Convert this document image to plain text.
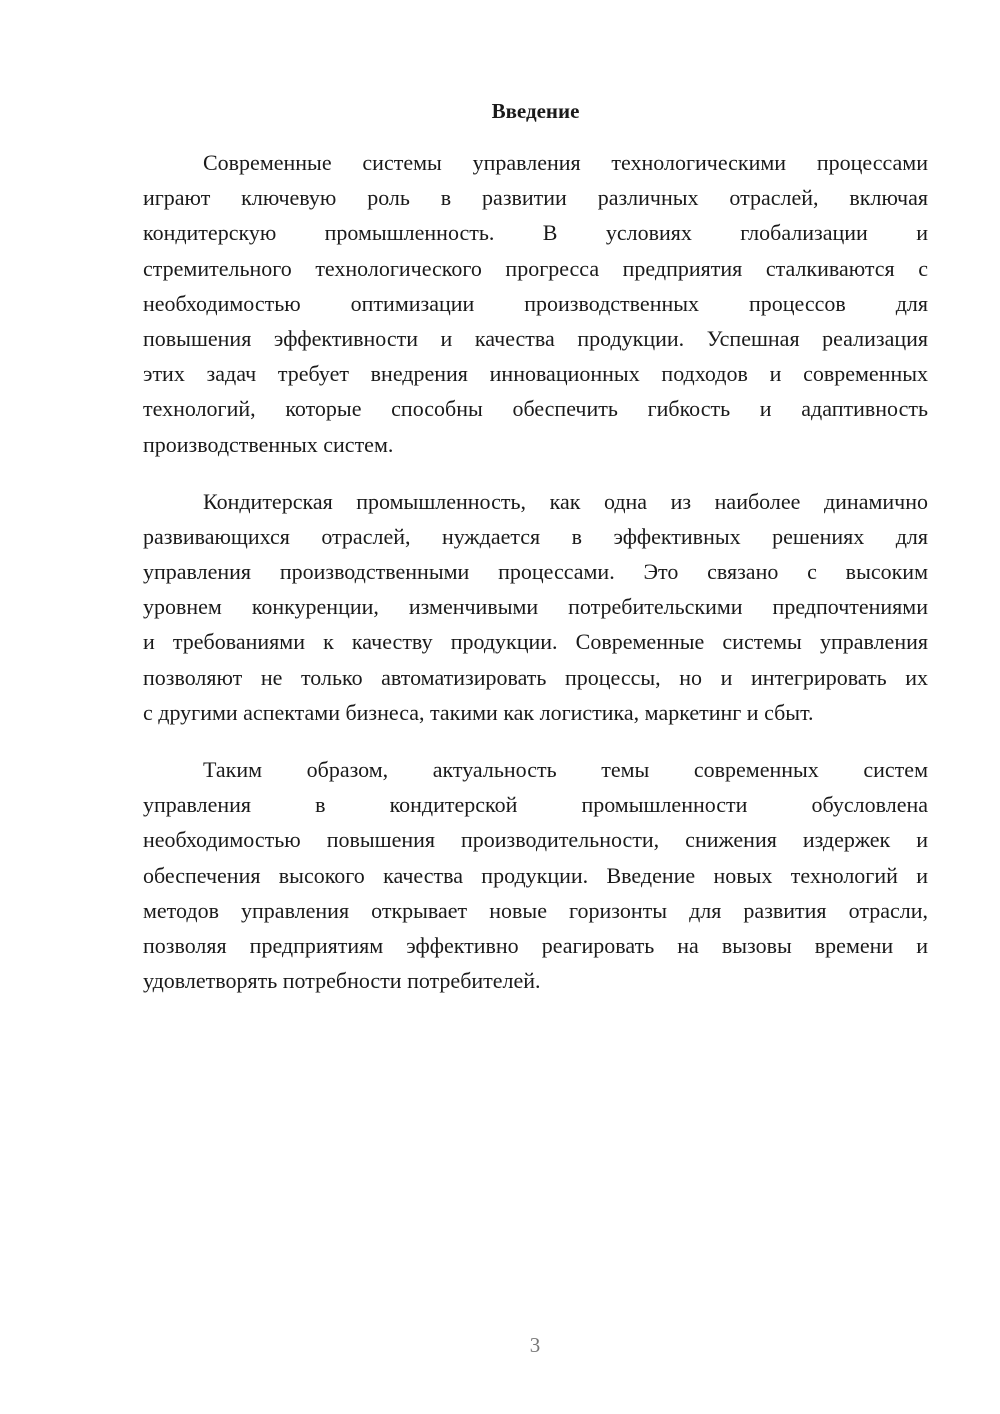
Введение
Современные системы управления технологическими процессами
играют ключевую роль в развитии различных отраслей, включая
кондитерскую промышленность. В условиях глобализации и
стремительного технологического прогресса предприятия сталкиваются с
необходимостью оптимизации производственных процессов для
повышения эффективности и качества продукции. Успешная реализация
этих задач требует внедрения инновационных подходов и современных
технологий, которые способны обеспечить гибкость и адаптивность
производственных систем.
Кондитерская промышленность, как одна из наиболее динамично
развивающихся отраслей, нуждается в эффективных решениях для
управления производственными процессами. Это связано с высоким
уровнем конкуренции, изменчивыми потребительскими предпочтениями
и требованиями к качеству продукции. Современные системы управления
позволяют не только автоматизировать процессы, но и интегрировать их
с другими аспектами бизнеса, такими как логистика, маркетинг и сбыт.
Таким образом, актуальность темы современных систем
управления в кондитерской промышленности обусловлена
необходимостью повышения производительности, снижения издержек и
обеспечения высокого качества продукции. Введение новых технологий и
методов управления открывает новые горизонты для развития отрасли,
позволяя предприятиям эффективно реагировать на вызовы времени и
удовлетворять потребности потребителей.
3
